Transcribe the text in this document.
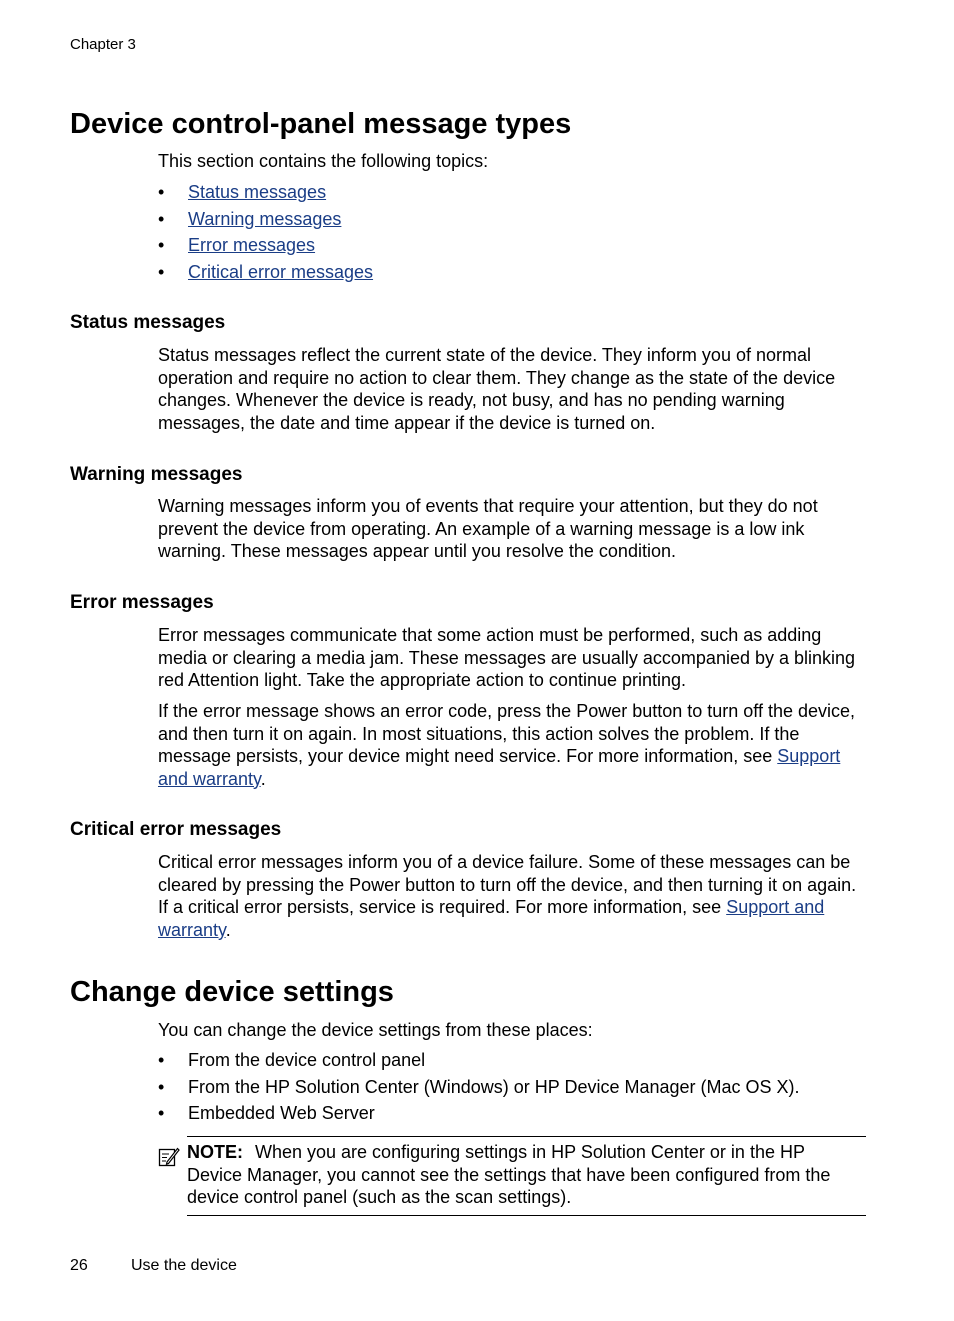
Chapter 3
Device control-panel message types

This section contains the following topics:

• Status messages
• Warning messages
• Error messages
• Critical error messages
Status messages

Status messages reflect the current state of the device. They inform you of normal operation and require no action to clear them. They change as the state of the device changes. Whenever the device is ready, not busy, and has no pending warning messages, the date and time appear if the device is turned on.

Warning messages

Warning messages inform you of events that require your attention, but they do not prevent the device from operating. An example of a warning message is a low ink warning. These messages appear until you resolve the condition.

Error messages

Error messages communicate that some action must be performed, such as adding media or clearing a media jam. These messages are usually accompanied by a blinking red Attention light. Take the appropriate action to continue printing.

If the error message shows an error code, press the Power button to turn off the device, and then turn it on again. In most situations, this action solves the problem. If the message persists, your device might need service. For more information, see Support and warranty.

Critical error messages

Critical error messages inform you of a device failure. Some of these messages can be cleared by pressing the Power button to turn off the device, and then turning it on again. If a critical error persists, service is required. For more information, see Support and warranty.

Change device settings

You can change the device settings from these places:

• From the device control panel
• From the HP Solution Center (Windows) or HP Device Manager (Mac OS X).
• Embedded Web Server

NOTE: When you are configuring settings in HP Solution Center or in the HP Device Manager, you cannot see the settings that have been configured from the device control panel (such as the scan settings).

26	Use the device
